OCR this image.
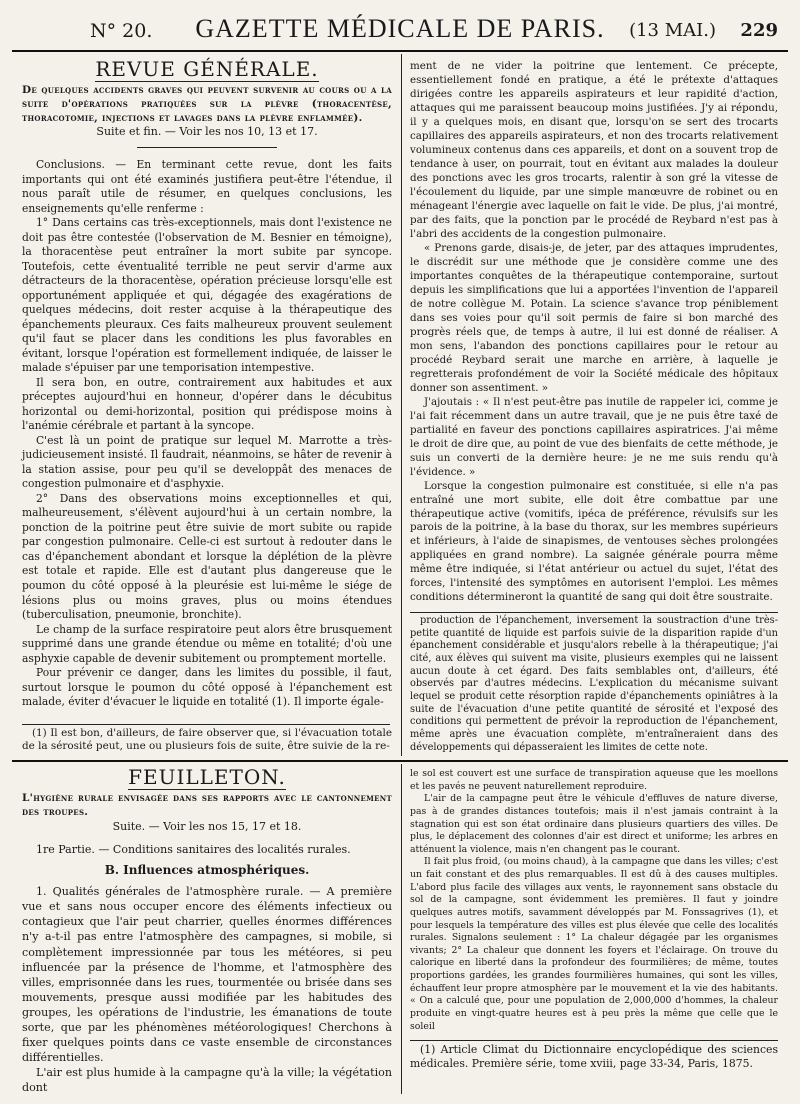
N° 20.	GAZETTE MÉDICALE DE PARIS.	(13 MAI.) 229
REVUE GÉNÉRALE.

De quelques accidents graves qui peuvent survenir au cours ou a la suite d'opérations pratiquées sur la plèvre (thoracentèse, thoracotomie, injections et lavages dans la plèvre enflammée).

Suite et fin. — Voir les nos 10, 13 et 17.

Conclusions. — En terminant cette revue, dont les faits importants qui ont été examinés justifiera peut-être l'étendue, il nous paraît utile de résumer, en quelques conclusions, les enseignements qu'elle renferme :

1° Dans certains cas très-exceptionnels, mais dont l'existence ne doit pas être contestée (l'observation de M. Besnier en témoigne), la thoracentèse peut entraîner la mort subite par syncope. Toutefois, cette éventualité terrible ne peut servir d'arme aux détracteurs de la thoracentèse, opération précieuse lorsqu'elle est opportunément appliquée et qui, dégagée des exagérations de quelques médecins, doit rester acquise à la thérapeutique des épanchements pleuraux. Ces faits malheureux prouvent seulement qu'il faut se placer dans les conditions les plus favorables en évitant, lorsque l'opération est formellement indiquée, de laisser le malade s'épuiser par une temporisation intempestive.

Il sera bon, en outre, contrairement aux habitudes et aux préceptes aujourd'hui en honneur, d'opérer dans le décubitus horizontal ou demi-horizontal, position qui prédispose moins à l'anémie cérébrale et partant à la syncope.

C'est là un point de pratique sur lequel M. Marrotte a très-judicieusement insisté. Il faudrait, néanmoins, se hâter de revenir à la station assise, pour peu qu'il se developpât des menaces de congestion pulmonaire et d'asphyxie.

2° Dans des observations moins exceptionnelles et qui, malheureusement, s'élèvent aujourd'hui à un certain nombre, la ponction de la poitrine peut être suivie de mort subite ou rapide par congestion pulmonaire. Celle-ci est surtout à redouter dans le cas d'épanchement abondant et lorsque la déplétion de la plèvre est totale et rapide. Elle est d'autant plus dangereuse que le poumon du côté opposé à la pleurésie est lui-même le siége de lésions plus ou moins graves, plus ou moins étendues (tuberculisation, pneumonie, bronchite).

Le champ de la surface respiratoire peut alors être brusquement supprimé dans une grande étendue ou même en totalité; d'où une asphyxie capable de devenir subitement ou promptement mortelle.

Pour prévenir ce danger, dans les limites du possible, il faut, surtout lorsque le poumon du côté opposé à l'épanchement est malade, éviter d'évacuer le liquide en totalité (1). Il importe égale-

(1) Il est bon, d'ailleurs, de faire observer que, si l'évacuation totale de la sérosité peut, une ou plusieurs fois de suite, être suivie de la re-

ment de ne vider la poitrine que lentement. Ce précepte, essentiellement fondé en pratique, a été le prétexte d'attaques dirigées contre les appareils aspirateurs et leur rapidité d'action, attaques qui me paraissent beaucoup moins justifiées. J'y ai répondu, il y a quelques mois, en disant que, lorsqu'on se sert des trocarts capillaires des appareils aspirateurs, et non des trocarts relativement volumineux contenus dans ces appareils, et dont on a souvent trop de tendance à user, on pourrait, tout en évitant aux malades la douleur des ponctions avec les gros trocarts, ralentir à son gré la vitesse de l'écoulement du liquide, par une simple manœuvre de robinet ou en ménageant l'énergie avec laquelle on fait le vide. De plus, j'ai montré, par des faits, que la ponction par le procédé de Reybard n'est pas à l'abri des accidents de la congestion pulmonaire.

« Prenons garde, disais-je, de jeter, par des attaques imprudentes, le discrédit sur une méthode que je considère comme une des importantes conquêtes de la thérapeutique contemporaine, surtout depuis les simplifications que lui a apportées l'invention de l'appareil de notre collègue M. Potain. La science s'avance trop péniblement dans ses voies pour qu'il soit permis de faire si bon marché des progrès réels que, de temps à autre, il lui est donné de réaliser. A mon sens, l'abandon des ponctions capillaires pour le retour au procédé Reybard serait une marche en arrière, à laquelle je regretterais profondément de voir la Société médicale des hôpitaux donner son assentiment. »

J'ajoutais : « Il n'est peut-être pas inutile de rappeler ici, comme je l'ai fait récemment dans un autre travail, que je ne puis être taxé de partialité en faveur des ponctions capillaires aspiratrices. J'ai même le droit de dire que, au point de vue des bienfaits de cette méthode, je suis un converti de la dernière heure: je ne me suis rendu qu'à l'évidence. »

Lorsque la congestion pulmonaire est constituée, si elle n'a pas entraîné une mort subite, elle doit être combattue par une thérapeutique active (vomitifs, ipéca de préférence, révulsifs sur les parois de la poitrine, à la base du thorax, sur les membres supérieurs et inférieurs, à l'aide de sinapismes, de ventouses sèches prolongées appliquées en grand nombre). La saignée générale pourra même même être indiquée, si l'état antérieur ou actuel du sujet, l'état des forces, l'intensité des symptômes en autorisent l'emploi. Les mêmes conditions détermineront la quantité de sang qui doit être soustraite.

production de l'épanchement, inversement la soustraction d'une très-petite quantité de liquide est parfois suivie de la disparition rapide d'un épanchement considérable et jusqu'alors rebelle à la thérapeutique; j'ai cité, aux élèves qui suivent ma visite, plusieurs exemples qui ne laissent aucun doute à cet égard. Des faits semblables ont, d'ailleurs, été observés par d'autres médecins. L'explication du mécanisme suivant lequel se produit cette résorption rapide d'épanchements opiniâtres à la suite de l'évacuation d'une petite quantité de sérosité et l'exposé des conditions qui permettent de prévoir la reproduction de l'épanchement, même après une évacuation complète, m'entraîneraient dans des développements qui dépasseraient les limites de cette note.

FEUILLETON.

L'hygiène rurale envisagée dans ses rapports avec le cantonnement des troupes.

Suite. — Voir les nos 15, 17 et 18.
1re Partie. — Conditions sanitaires des localités rurales.
B. Influences atmosphériques.

1. Qualités générales de l'atmosphère rurale. — A première vue et sans nous occuper encore des éléments infectieux ou contagieux que l'air peut charrier, quelles énormes différences n'y a-t-il pas entre l'atmosphère des campagnes, si mobile, si complètement impressionnée par tous les météores, si peu influencée par la présence de l'homme, et l'atmosphère des villes, emprisonnée dans les rues, tourmentée ou brisée dans ses mouvements, presque aussi modifiée par les habitudes des groupes, les opérations de l'industrie, les émanations de toute sorte, que par les phénomènes météorologiques! Cherchons à fixer quelques points dans ce vaste ensemble de circonstances différentielles.

L'air est plus humide à la campagne qu'à la ville; la végétation dont

le sol est couvert est une surface de transpiration aqueuse que les moellons et les pavés ne peuvent naturellement reproduire.

L'air de la campagne peut être le véhicule d'effluves de nature diverse, pas à de grandes distances toutefois; mais il n'est jamais contraint à la stagnation qui est son état ordinaire dans plusieurs quartiers des villes. De plus, le déplacement des colonnes d'air est direct et uniforme; les arbres en atténuent la violence, mais n'en changent pas le courant.

Il fait plus froid, (ou moins chaud), à la campagne que dans les villes; c'est un fait constant et des plus remarquables. Il est dû à des causes multiples. L'abord plus facile des villages aux vents, le rayonnement sans obstacle du sol de la campagne, sont évidemment les premières. Il faut y joindre quelques autres motifs, savamment développés par M. Fonssagrives (1), et pour lesquels la température des villes est plus élevée que celle des localités rurales. Signalons seulement : 1° La chaleur dégagée par les organismes vivants; 2° La chaleur que donnent les foyers et l'éclairage. On trouve du calorique en liberté dans la profondeur des fourmilières; de même, toutes proportions gardées, les grandes fourmilières humaines, qui sont les villes, échauffent leur propre atmosphère par le mouvement et la vie des habitants. « On a calculé que, pour une population de 2,000,000 d'hommes, la chaleur produite en vingt-quatre heures est à peu près la même que celle que le soleil

(1) Article Climat du Dictionnaire encyclopédique des sciences médicales. Première série, tome xviii, page 33-34, Paris, 1875.
